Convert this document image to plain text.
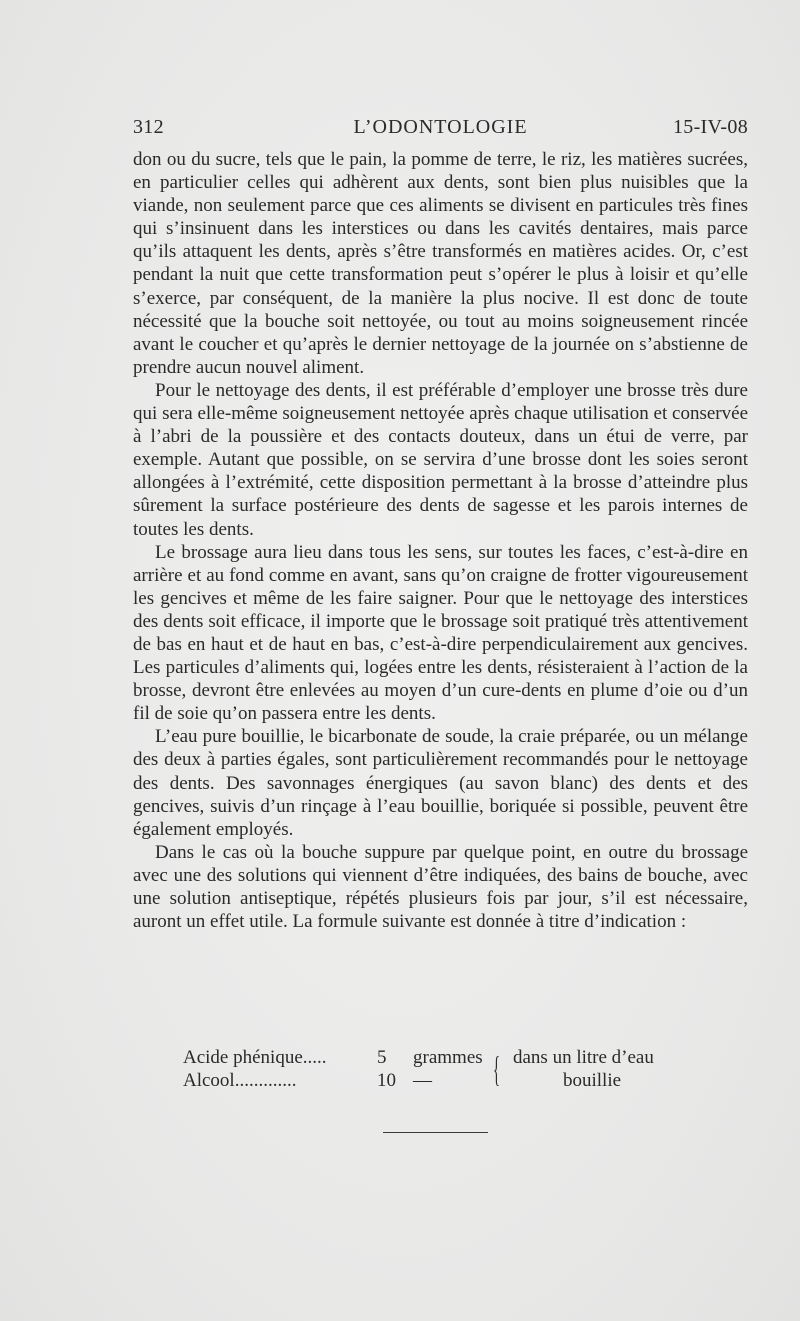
312	L’ODONTOLOGIE	15-IV-08

don ou du sucre, tels que le pain, la pomme de terre, le riz, les matières sucrées, en particulier celles qui adhèrent aux dents, sont bien plus nuisibles que la viande, non seulement parce que ces aliments se divisent en particules très fines qui s’insinuent dans les interstices ou dans les cavités dentaires, mais parce qu’ils attaquent les dents, après s’être transformés en matières acides. Or, c’est pendant la nuit que cette transformation peut s’opérer le plus à loisir et qu’elle s’exerce, par conséquent, de la manière la plus nocive. Il est donc de toute nécessité que la bouche soit nettoyée, ou tout au moins soigneusement rincée avant le coucher et qu’après le dernier nettoyage de la journée on s’abstienne de prendre aucun nouvel aliment.

Pour le nettoyage des dents, il est préférable d’employer une brosse très dure qui sera elle-même soigneusement nettoyée après chaque utilisation et conservée à l’abri de la poussière et des contacts douteux, dans un étui de verre, par exemple. Autant que possible, on se servira d’une brosse dont les soies seront allongées à l’extrémité, cette disposition permettant à la brosse d’atteindre plus sûrement la surface postérieure des dents de sagesse et les parois internes de toutes les dents.

Le brossage aura lieu dans tous les sens, sur toutes les faces, c’est-à-dire en arrière et au fond comme en avant, sans qu’on craigne de frotter vigoureusement les gencives et même de les faire saigner. Pour que le nettoyage des interstices des dents soit efficace, il importe que le brossage soit pratiqué très attentivement de bas en haut et de haut en bas, c’est-à-dire perpendiculairement aux gencives. Les particules d’aliments qui, logées entre les dents, résisteraient à l’action de la brosse, devront être enlevées au moyen d’un cure-dents en plume d’oie ou d’un fil de soie qu’on passera entre les dents.

L’eau pure bouillie, le bicarbonate de soude, la craie préparée, ou un mélange des deux à parties égales, sont particulièrement recommandés pour le nettoyage des dents. Des savonnages énergiques (au savon blanc) des dents et des gencives, suivis d’un rinçage à l’eau bouillie, boriquée si possible, peuvent être également employés.

Dans le cas où la bouche suppure par quelque point, en outre du brossage avec une des solutions qui viennent d’être indiquées, des bains de bouche, avec une solution antiseptique, répétés plusieurs fois par jour, s’il est nécessaire, auront un effet utile. La formule suivante est donnée à titre d’indication :

Acide phénique.....	5 grammes dans un litre d’eau
Alcool.............	10 —	bouillie
{
